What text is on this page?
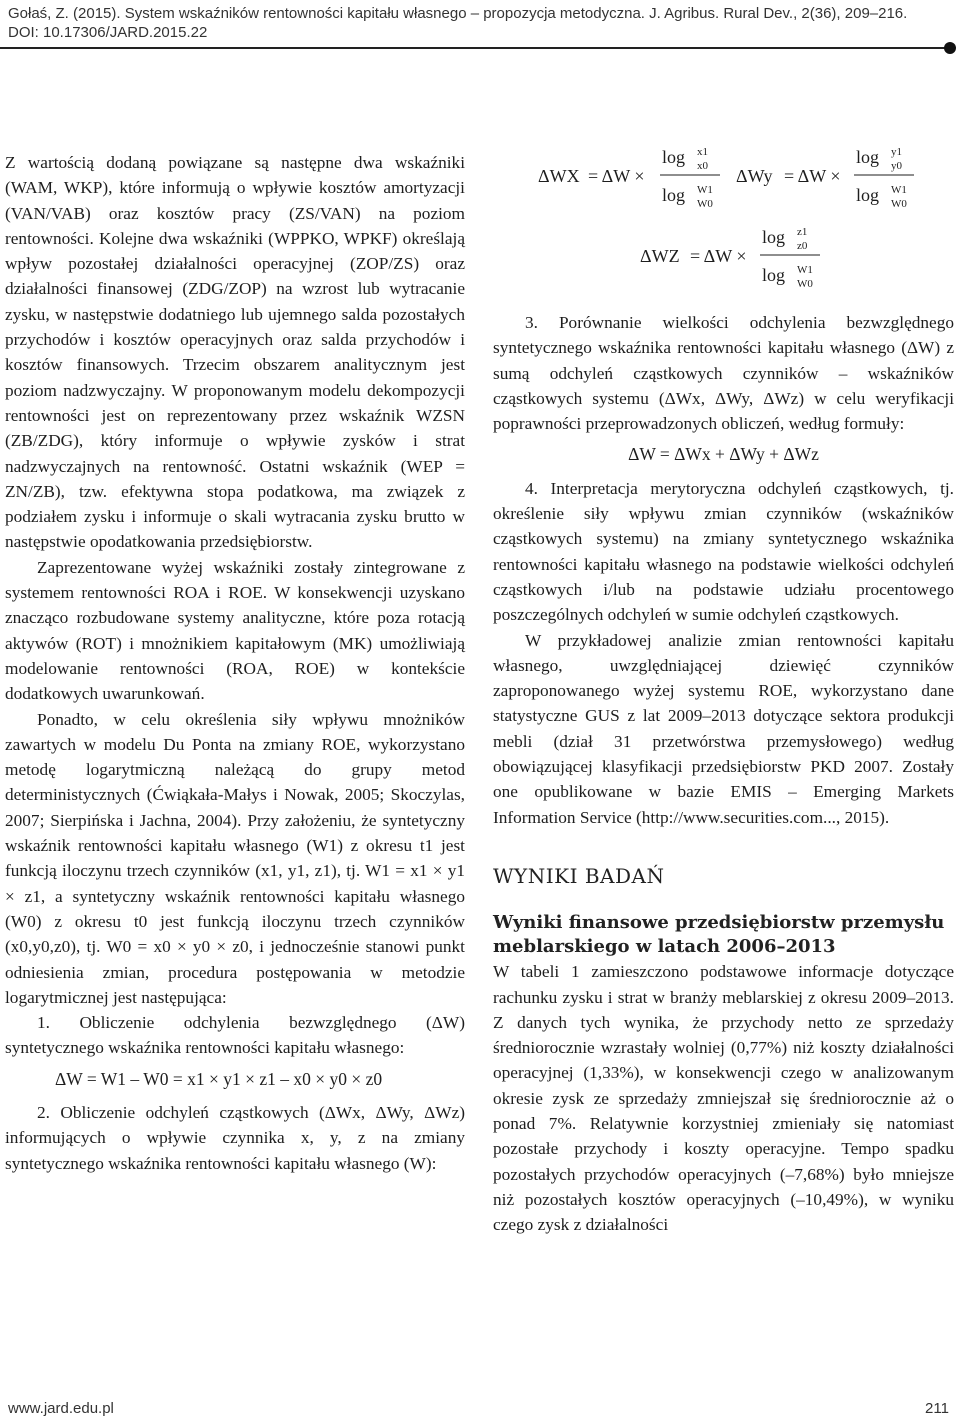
Gołaś, Z. (2015). System wskaźników rentowności kapitału własnego – propozycja metodyczna. J. Agribus. Rural Dev., 2(36), 209–216.
DOI: 10.17306/JARD.2015.22

Z wartością dodaną powiązane są następne dwa wskaźniki (WAM, WKP), które informują o wpływie kosztów amortyzacji (VAN/VAB) oraz kosztów pracy (ZS/VAN) na poziom rentowności. Kolejne dwa wskaźniki (WPPKO, WPKF) określają wpływ pozostałej działalności operacyjnej (ZOP/ZS) oraz działalności finansowej (ZDG/ZOP) na wzrost lub wytracanie zysku, w następstwie dodatniego lub ujemnego salda pozostałych przychodów i kosztów operacyjnych oraz salda przychodów i kosztów finansowych. Trzecim obszarem analitycznym jest poziom nadzwyczajny. W proponowanym modelu dekompozycji rentowności jest on reprezentowany przez wskaźnik WZSN (ZB/ZDG), który informuje o wpływie zysków i strat nadzwyczajnych na rentowność. Ostatni wskaźnik (WEP = ZN/ZB), tzw. efektywna stopa podatkowa, ma związek z podziałem zysku i informuje o skali wytracania zysku brutto w następstwie opodatkowania przedsiębiorstw.

Zaprezentowane wyżej wskaźniki zostały zintegrowane z systemem rentowności ROA i ROE. W konsekwencji uzyskano znacząco rozbudowane systemy analityczne, które poza rotacją aktywów (ROT) i mnożnikiem kapitałowym (MK) umożliwiają modelowanie rentowności (ROA, ROE) w kontekście dodatkowych uwarunkowań.

Ponadto, w celu określenia siły wpływu mnożników zawartych w modelu Du Ponta na zmiany ROE, wykorzystano metodę logarytmiczną należącą do grupy metod deterministycznych (Ćwiąkała-Małys i Nowak, 2005; Skoczylas, 2007; Sierpińska i Jachna, 2004). Przy założeniu, że syntetyczny wskaźnik rentowności kapitału własnego (W1) z okresu t1 jest funkcją iloczynu trzech czynników (x1, y1, z1), tj. W1 = x1 × y1 × z1, a syntetyczny wskaźnik rentowności kapitału własnego (W0) z okresu t0 jest funkcją iloczynu trzech czynników (x0,y0,z0), tj. W0 = x0 × y0 × z0, i jednocześnie stanowi punkt odniesienia zmian, procedura postępowania w metodzie logarytmicznej jest następująca:

1. Obliczenie odchylenia bezwzględnego (ΔW) syntetycznego wskaźnika rentowności kapitału własnego:

ΔW = W1 – W0 = x1 × y1 × z1 – x0 × y0 × z0

2. Obliczenie odchyleń cząstkowych (ΔWx, ΔWy, ΔWz) informujących o wpływie czynnika x, y, z na zmiany syntetycznego wskaźnika rentowności kapitału własnego (W):

ΔWX = ΔW ×
log x1
x0
log W1
W0
ΔWy = ΔW ×
log y1
y0
log W1
W0
ΔWZ = ΔW ×
log z1
z0
log W1
W0

3. Porównanie wielkości odchylenia bezwzględnego syntetycznego wskaźnika rentowności kapitału własnego (ΔW) z sumą odchyleń cząstkowych czynników – wskaźników cząstkowych systemu (ΔWx, ΔWy, ΔWz) w celu weryfikacji poprawności przeprowadzonych obliczeń, według formuły:

ΔW = ΔWx + ΔWy + ΔWz

4. Interpretacja merytoryczna odchyleń cząstkowych, tj. określenie siły wpływu zmian czynników (wskaźników cząstkowych systemu) na zmiany syntetycznego wskaźnika rentowności kapitału własnego na podstawie wielkości odchyleń cząstkowych i/lub na podstawie udziału procentowego poszczególnych odchyleń w sumie odchyleń cząstkowych.

W przykładowej analizie zmian rentowności kapitału własnego, uwzględniającej dziewięć czynników zaproponowanego wyżej systemu ROE, wykorzystano dane statystyczne GUS z lat 2009–2013 dotyczące sektora produkcji mebli (dział 31 przetwórstwa przemysłowego) według obowiązującej klasyfikacji przedsiębiorstw PKD 2007. Zostały one opublikowane w bazie EMIS – Emerging Markets Information Service (http://www.securities.com..., 2015).

WYNIKI BADAŃ

Wyniki finansowe przedsiębiorstw przemysłu meblarskiego w latach 2006–2013

W tabeli 1 zamieszczono podstawowe informacje dotyczące rachunku zysku i strat w branży meblarskiej z okresu 2009–2013. Z danych tych wynika, że przychody netto ze sprzedaży średniorocznie wzrastały wolniej (0,77%) niż koszty działalności operacyjnej (1,33%), w konsekwencji czego w analizowanym okresie zysk ze sprzedaży zmniejszał się średniorocznie aż o ponad 7%. Relatywnie korzystniej zmieniały się natomiast pozostałe przychody i koszty operacyjne. Tempo spadku pozostałych przychodów operacyjnych (–7,68%) było mniejsze niż pozostałych kosztów operacyjnych (–10,49%), w wyniku czego zysk z działalności

www.jard.edu.pl	211
